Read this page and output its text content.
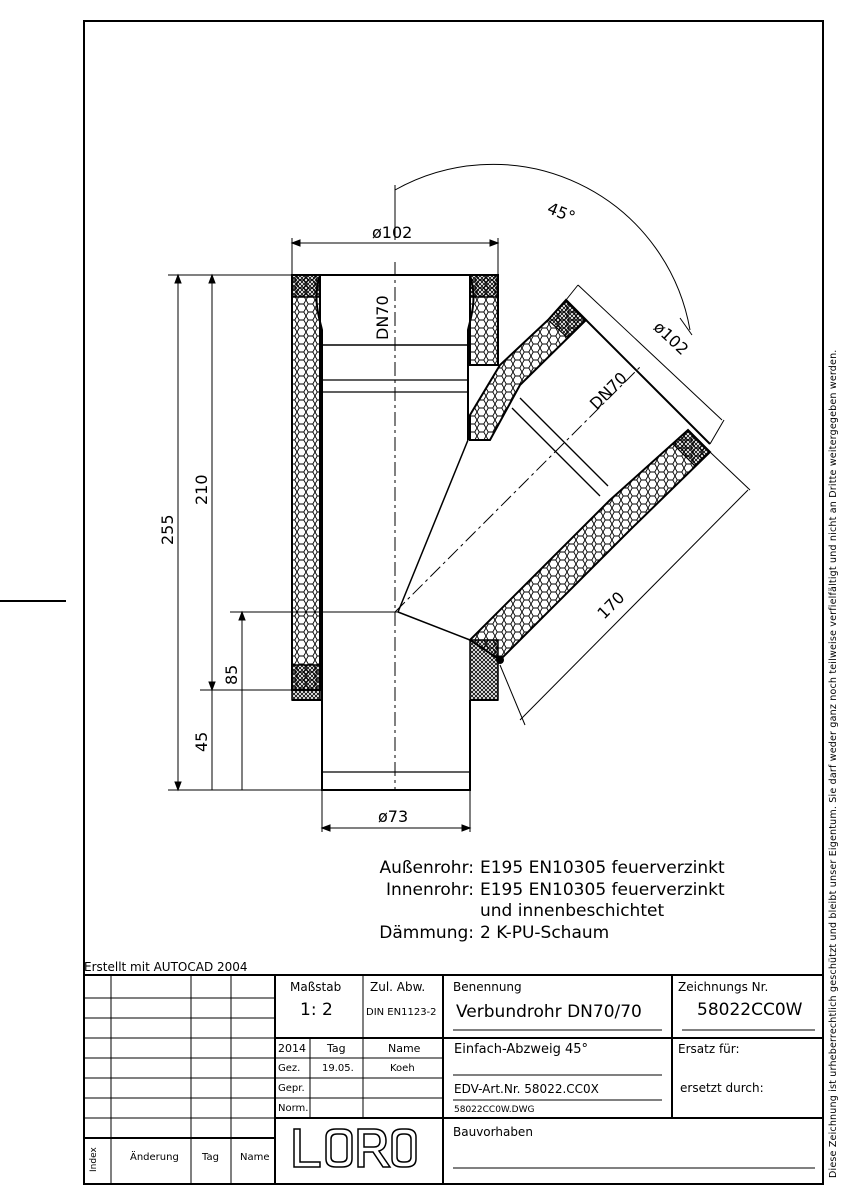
Diese Zeichnung ist urheberrechtlich geschützt und bleibt unser Eigentum. Sie darf weder ganz noch teilweise verfielfältigt und nicht an Dritte weitergegeben werden.
ø102
ø73
45°
ø102
DN70
DN70
255
210
85
45
170
Außenrohr: E195 EN10305 feuerverzinkt
Innenrohr: E195 EN10305 feuerverzinkt
und innenbeschichtet
Dämmung: 2 K-PU-Schaum
Erstellt mit AUTOCAD 2004
Maßstab
1: 2
Zul. Abw.
DIN EN1123-2
Benennung
Verbundrohr DN70/70
Zeichnungs Nr.
58022CC0W
2014 Tag	Name
Gez. 19.05.	Koeh
Gepr.
Norm.
Einfach-Abzweig 45°
EDV-Art.Nr. 58022.CC0X
58022CC0W.DWG
Ersatz für:
ersetzt durch:
Bauvorhaben
Index	Änderung Tag Name
